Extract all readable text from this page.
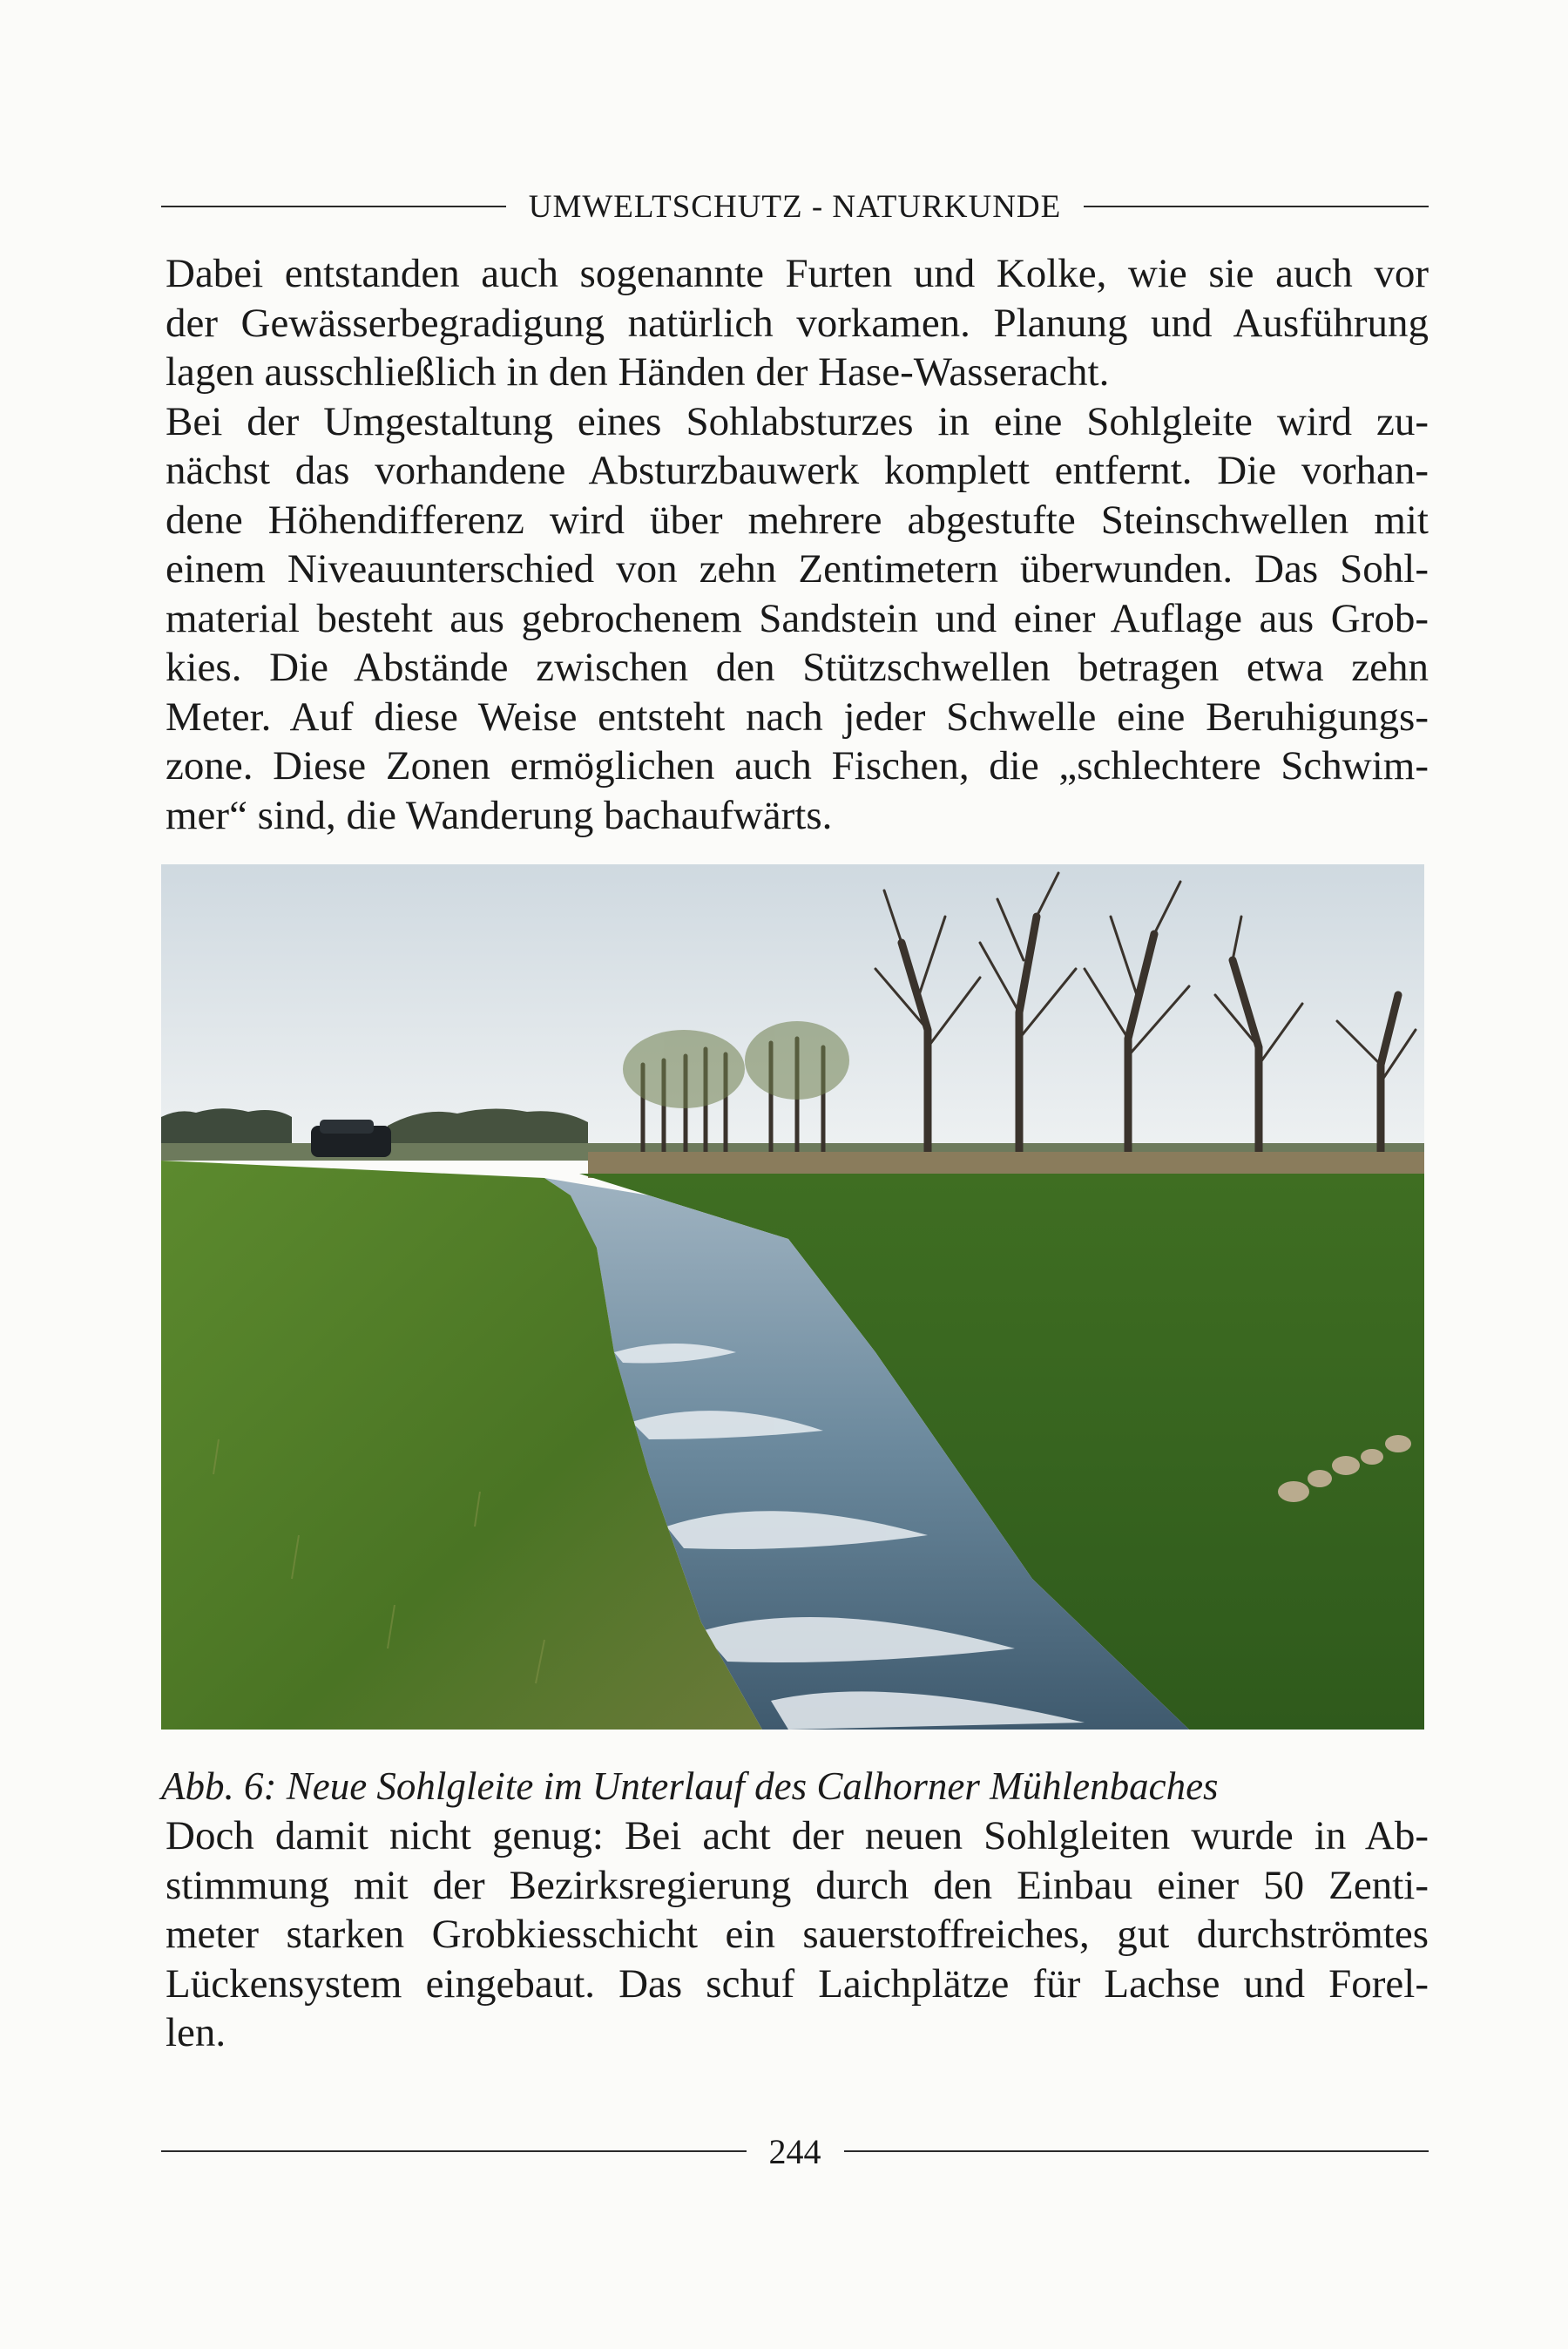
UMWELTSCHUTZ - NATURKUNDE
Dabei entstanden auch sogenannte Furten und Kolke, wie sie auch vor
der Gewässerbegradigung natürlich vorkamen. Planung und Ausführung
lagen ausschließlich in den Händen der Hase-Wasseracht.
Bei der Umgestaltung eines Sohlabsturzes in eine Sohlgleite wird zu-
nächst das vorhandene Absturzbauwerk komplett entfernt. Die vorhan-
dene Höhendifferenz wird über mehrere abgestufte Steinschwellen mit
einem Niveauunterschied von zehn Zentimetern überwunden. Das Sohl-
material besteht aus gebrochenem Sandstein und einer Auflage aus Grob-
kies. Die Abstände zwischen den Stützschwellen betragen etwa zehn
Meter. Auf diese Weise entsteht nach jeder Schwelle eine Beruhigungs-
zone. Diese Zonen ermöglichen auch Fischen, die „schlechtere Schwim-
mer“ sind, die Wanderung bachaufwärts.
Abb. 6: Neue Sohlgleite im Unterlauf des Calhorner Mühlenbaches
Doch damit nicht genug: Bei acht der neuen Sohlgleiten wurde in Ab-
stimmung mit der Bezirksregierung durch den Einbau einer 50 Zenti-
meter starken Grobkiesschicht ein sauerstoffreiches, gut durchströmtes
Lückensystem eingebaut. Das schuf Laichplätze für Lachse und Forel-
len.
244
